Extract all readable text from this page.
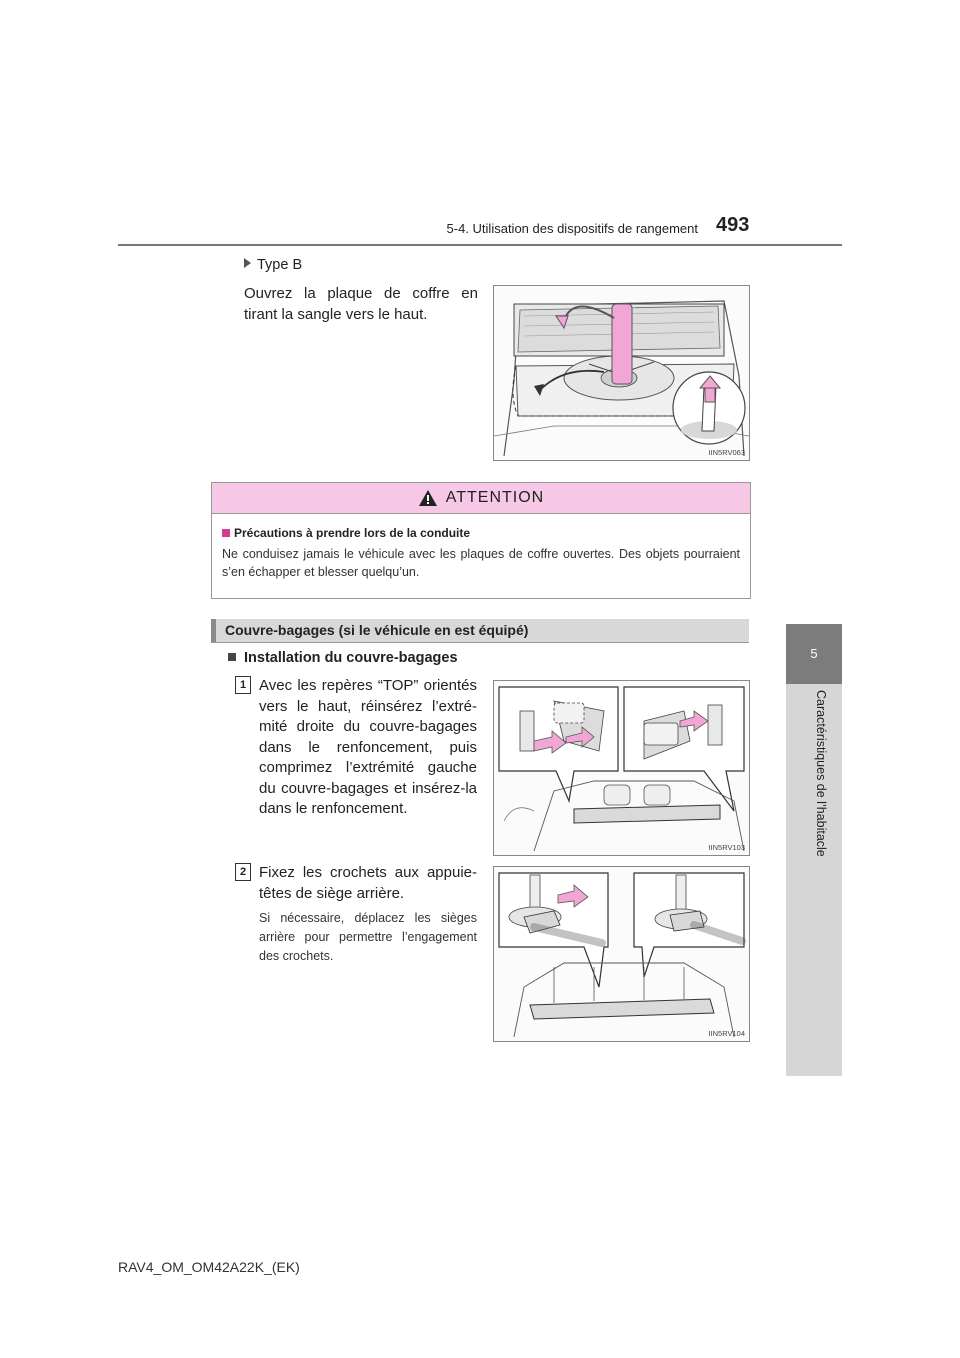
5-4. Utilisation des dispositifs de rangement 493
5
Caractéristiques de l’habitacle
Type B
Ouvrez la plaque de coffre en tirant la sangle vers le haut.
IIN5RV063
ATTENTION
Précautions à prendre lors de la conduite
Ne conduisez jamais le véhicule avec les plaques de coffre ouvertes. Des objets pourraient s’en échapper et blesser quelqu’un.
Couvre-bagages (si le véhicule en est équipé)
Installation du couvre-bagages
1 Avec les repères “TOP” orientés vers le haut, réinsérez l’extré-mité droite du couvre-bagages dans le renfoncement, puis comprimez l’extrémité gauche du couvre-bagages et insérez-la dans le renfoncement.
IIN5RV103
2 Fixez les crochets aux appuie-têtes de siège arrière.
Si nécessaire, déplacez les sièges arrière pour permettre l’engagement des crochets.
IIN5RV104
RAV4_OM_OM42A22K_(EK)
